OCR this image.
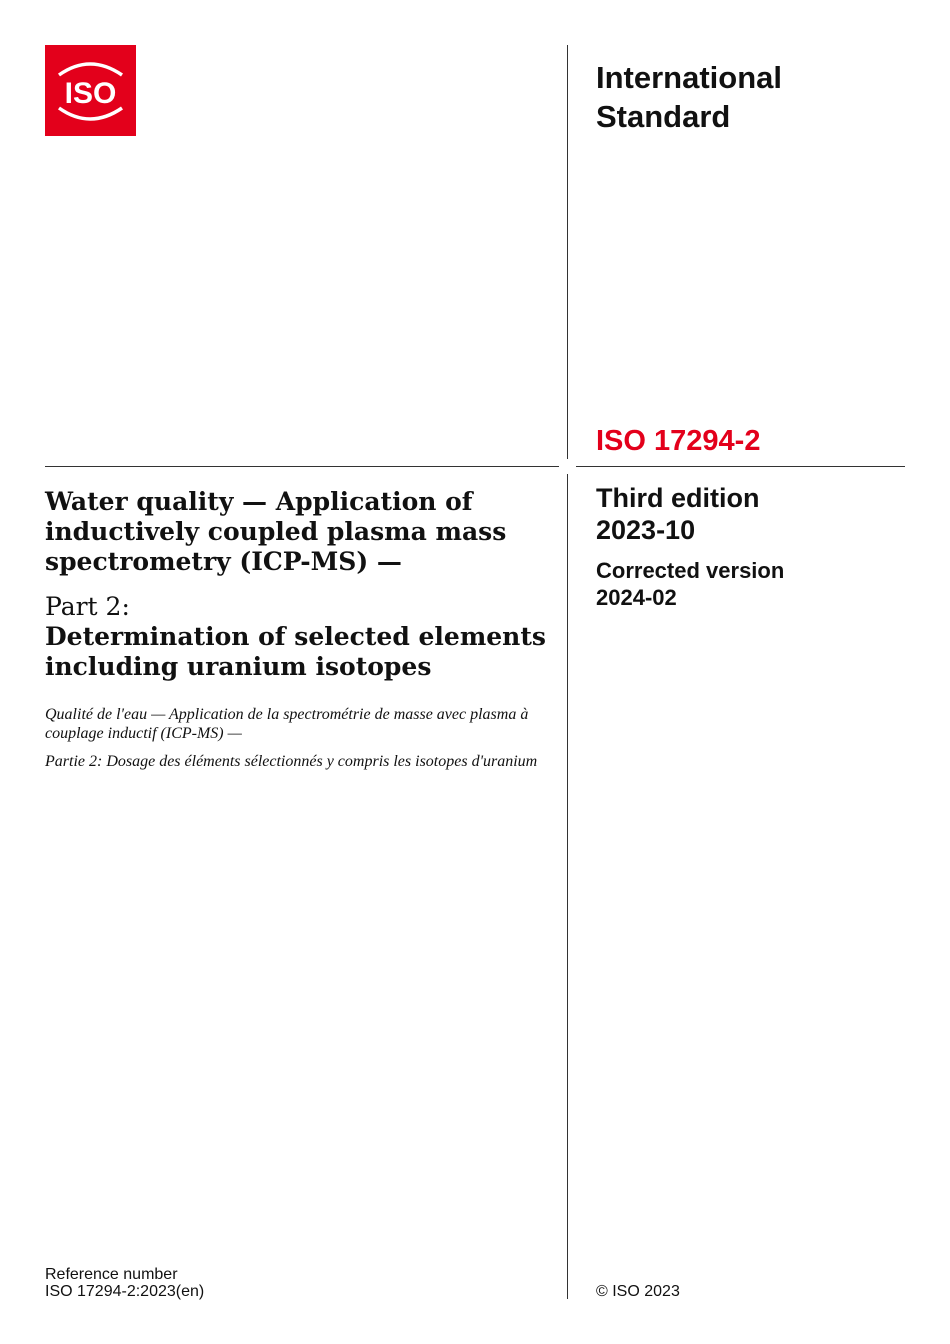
ISO	International
Standard
ISO 17294-2
Third edition
2023-10
Corrected version
2024-02
Water quality — Application of inductively coupled plasma mass spectrometry (ICP-MS) —
Part 2:
Determination of selected elements including uranium isotopes
Qualité de l'eau — Application de la spectrométrie de masse avec plasma à couplage inductif (ICP-MS) —
Partie 2: Dosage des éléments sélectionnés y compris les isotopes d'uranium
Reference number
ISO 17294-2:2023(en)	© ISO 2023
